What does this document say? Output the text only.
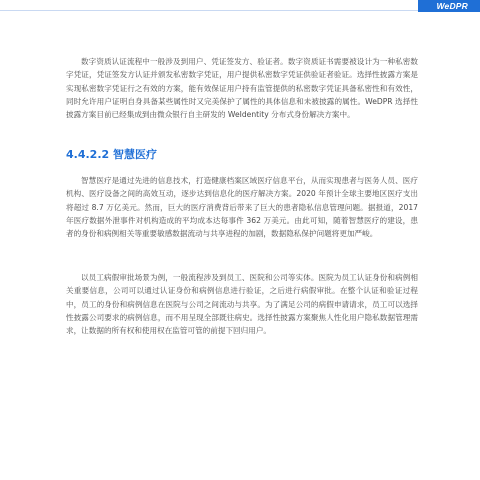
WeDPR

数字资质认证流程中一般涉及到用户、凭证签发方、验证者。数字资质证书需要被设计为一种私密数字凭证，凭证签发方认证并颁发私密数字凭证，用户提供私密数字凭证供验证者验证。选择性披露方案是实现私密数字凭证行之有效的方案，能有效保证用户持有监管提供的私密数字凭证具备私密性和有效性，同时允许用户证明自身具备某些属性时又完美保护了属性的具体信息和未被披露的属性。WeDPR 选择性披露方案目前已经集成到由微众银行自主研发的 WeIdentity 分布式身份解决方案中。

4.4.2.2 智慧医疗

智慧医疗是通过先进的信息技术，打造健康档案区域医疗信息平台，从而实现患者与医务人员、医疗机构、医疗设备之间的高效互动，逐步达到信息化的医疗解决方案。2020 年预计全球主要地区医疗支出将超过 8.7 万亿美元。然而，巨大的医疗消费背后带来了巨大的患者隐私信息管理问题。据报道，2017 年医疗数据外泄事件对机构造成的平均成本达每事件 362 万美元。由此可知，随着智慧医疗的建设，患者的身份和病例相关等重要敏感数据流动与共享进程的加剧，数据隐私保护问题将更加严峻。

以员工病假审批场景为例，一般流程涉及到员工、医院和公司等实体。医院为员工认证身份和病例相关重要信息，公司可以通过认证身份和病例信息进行验证，之后进行病假审批。在整个认证和验证过程中，员工的身份和病例信息在医院与公司之间流动与共享。为了满足公司的病假申请请求，员工可以选择性披露公司要求的病例信息，而不用呈现全部既往病史。选择性披露方案聚焦人性化用户隐私数据管理需求，让数据的所有权和使用权在监管可管的前提下回归用户。
